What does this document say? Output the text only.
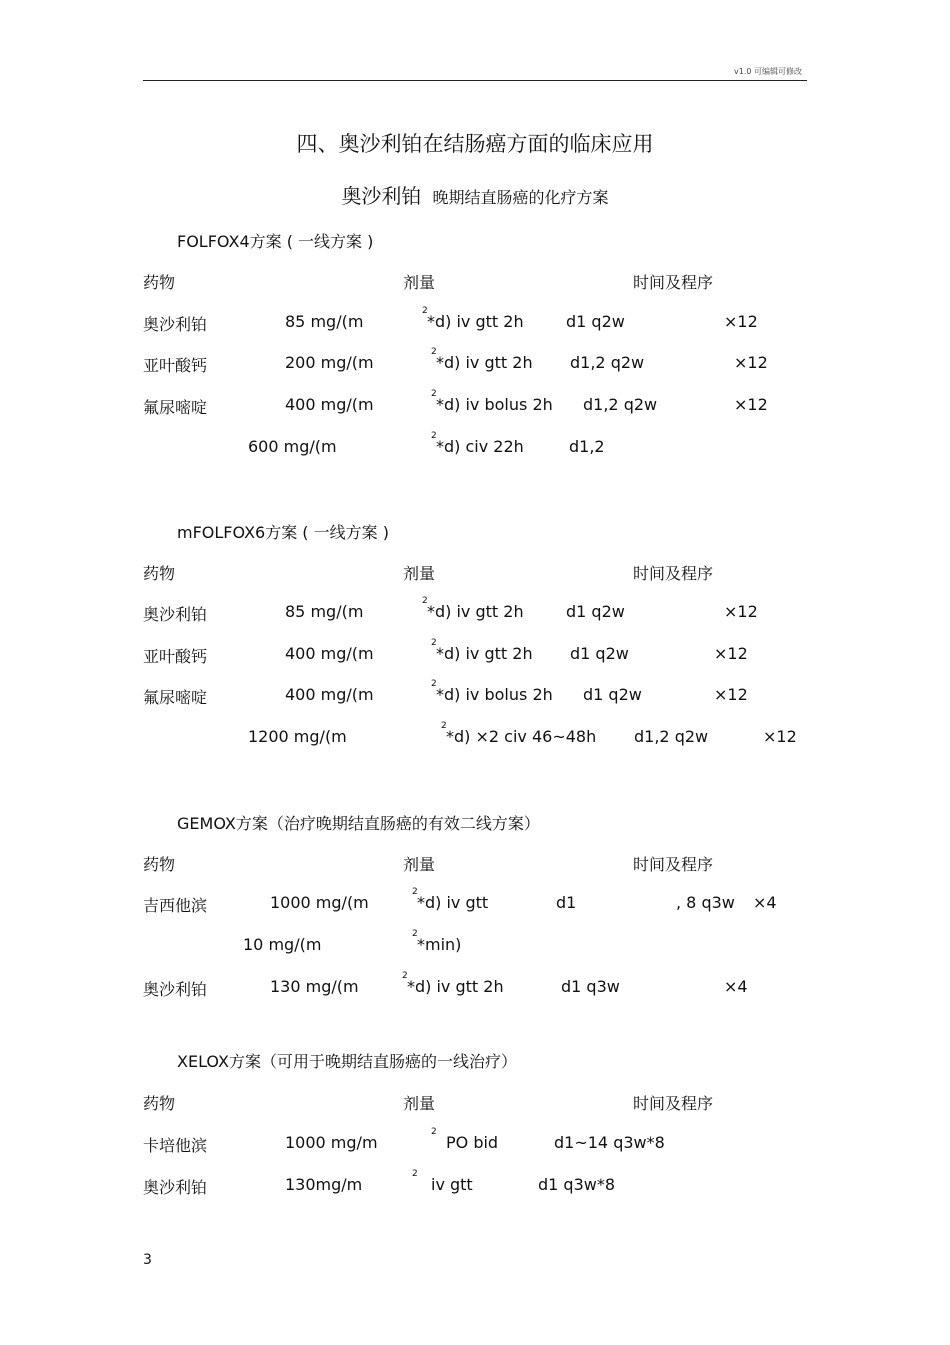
v1.0 可编辑可修改
四、奥沙利铂在结肠癌方面的临床应用
奥沙利铂 晚期结直肠癌的化疗方案
FOLFOX4方案 ( 一线方案 )
药物	剂量	时间及程序
奥沙利铂	85 mg/(m
2
*d) iv gtt 2h	d1 q2w	×12
亚叶酸钙	200 mg/(m
2
*d) iv gtt 2h d1,2 q2w	×12
氟尿嘧啶	400 mg/(m
2
*d) iv bolus 2h d1,2 q2w	×12
600 mg/(m
2
*d) civ 22h	d1,2
mFOLFOX6方案 ( 一线方案 )
药物	剂量	时间及程序
奥沙利铂	85 mg/(m
2
*d) iv gtt 2h	d1 q2w	×12
亚叶酸钙	400 mg/(m
2
*d) iv gtt 2h d1 q2w	×12
氟尿嘧啶	400 mg/(m
2
*d) iv bolus 2h d1 q2w	×12
1200 mg/(m
2
*d) ×2 civ 46~48h d1,2 q2w	×12
GEMOX方案（治疗晚期结直肠癌的有效二线方案）
药物	剂量	时间及程序
吉西他滨	1000 mg/(m
2
*d) iv gtt	d1	, 8 q3w ×4
10 mg/(m
2
*min)
奥沙利铂	130 mg/(m
2
*d) iv gtt 2h	d1 q3w	×4
XELOX方案（可用于晚期结直肠癌的一线治疗）
药物	剂量	时间及程序
卡培他滨	1000 mg/m
2
PO bid	d1~14 q3w*8
奥沙利铂	130mg/m
2
iv gtt	d1 q3w*8
3
